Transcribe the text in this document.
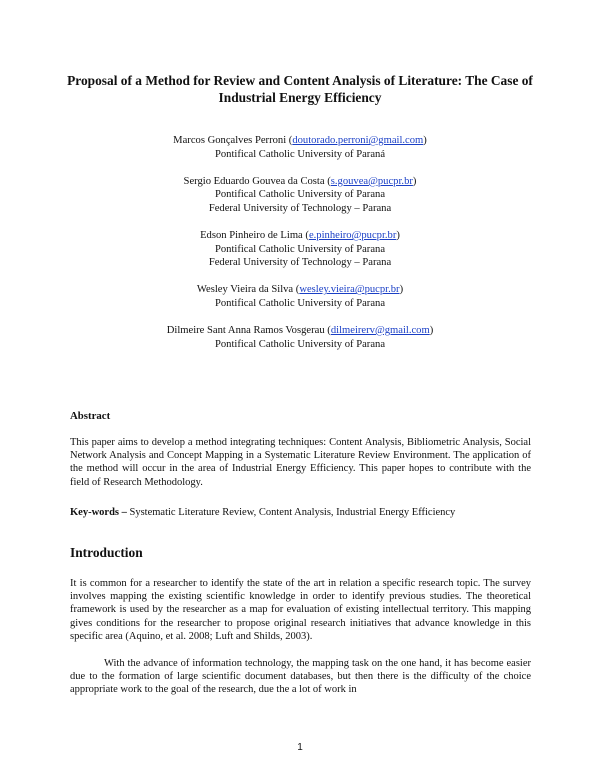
Proposal of a Method for Review and Content Analysis of Literature: The Case of Industrial Energy Efficiency
Marcos Gonçalves Perroni (doutorado.perroni@gmail.com)
Pontifical Catholic University of Paraná
Sergio Eduardo Gouvea da Costa (s.gouvea@pucpr.br)
Pontifical Catholic University of Parana
Federal University of Technology – Parana
Edson Pinheiro de Lima (e.pinheiro@pucpr.br)
Pontifical Catholic University of Parana
Federal University of Technology – Parana
Wesley Vieira da Silva (wesley.vieira@pucpr.br)
Pontifical Catholic University of Parana
Dilmeire Sant Anna Ramos Vosgerau (dilmeirerv@gmail.com)
Pontifical Catholic University of Parana
Abstract
This paper aims to develop a method integrating techniques: Content Analysis, Bibliometric Analysis, Social Network Analysis and Concept Mapping in a Systematic Literature Review Environment. The application of the method will occur in the area of Industrial Energy Efficiency. This paper hopes to contribute with the field of Research Methodology.
Key-words – Systematic Literature Review, Content Analysis, Industrial Energy Efficiency
Introduction
It is common for a researcher to identify the state of the art in relation a specific research topic. The survey involves mapping the existing scientific knowledge in order to identify previous studies. The theoretical framework is used by the researcher as a map for evaluation of existing intellectual territory. This mapping gives conditions for the researcher to propose original research initiatives that advance knowledge in this specific area (Aquino, et al. 2008; Luft and Shilds, 2003).
With the advance of information technology, the mapping task on the one hand, it has become easier due to the formation of large scientific document databases, but then there is the difficulty of the choice appropriate work to the goal of the research, due the a lot of work in
1
